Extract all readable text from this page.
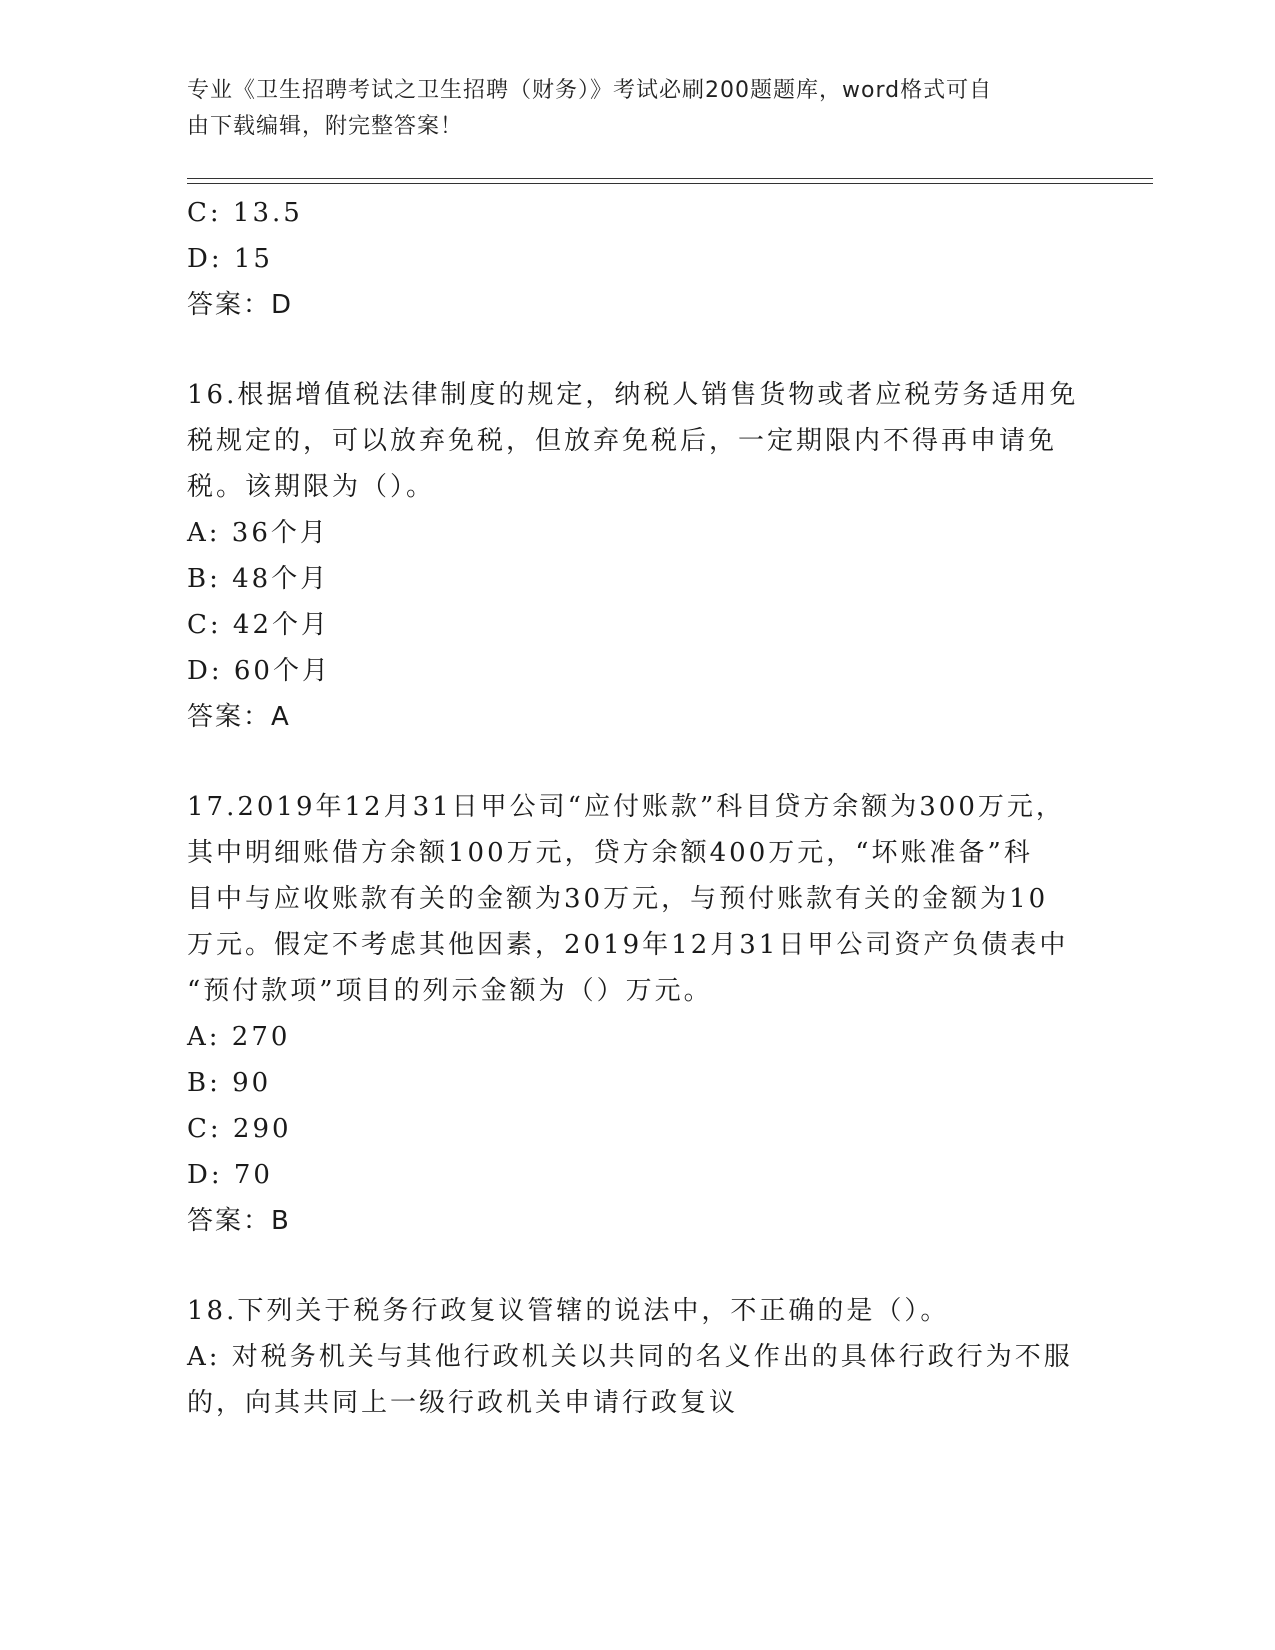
专业《卫生招聘考试之卫生招聘（财务）》考试必刷200题题库，word格式可自
由下载编辑，附完整答案！
C: 13.5
D: 15
答案：D
16.根据增值税法律制度的规定，纳税人销售货物或者应税劳务适用免
税规定的，可以放弃免税，但放弃免税后，一定期限内不得再申请免
税。该期限为（）。
A: 36个月
B: 48个月
C: 42个月
D: 60个月
答案：A
17.2019年12月31日甲公司“应付账款”科目贷方余额为300万元，
其中明细账借方余额100万元，贷方余额400万元，“坏账准备”科
目中与应收账款有关的金额为30万元，与预付账款有关的金额为10
万元。假定不考虑其他因素，2019年12月31日甲公司资产负债表中
“预付款项”项目的列示金额为（）万元。
A: 270
B: 90
C: 290
D: 70
答案：B
18.下列关于税务行政复议管辖的说法中，不正确的是（）。
A: 对税务机关与其他行政机关以共同的名义作出的具体行政行为不服
的，向其共同上一级行政机关申请行政复议
